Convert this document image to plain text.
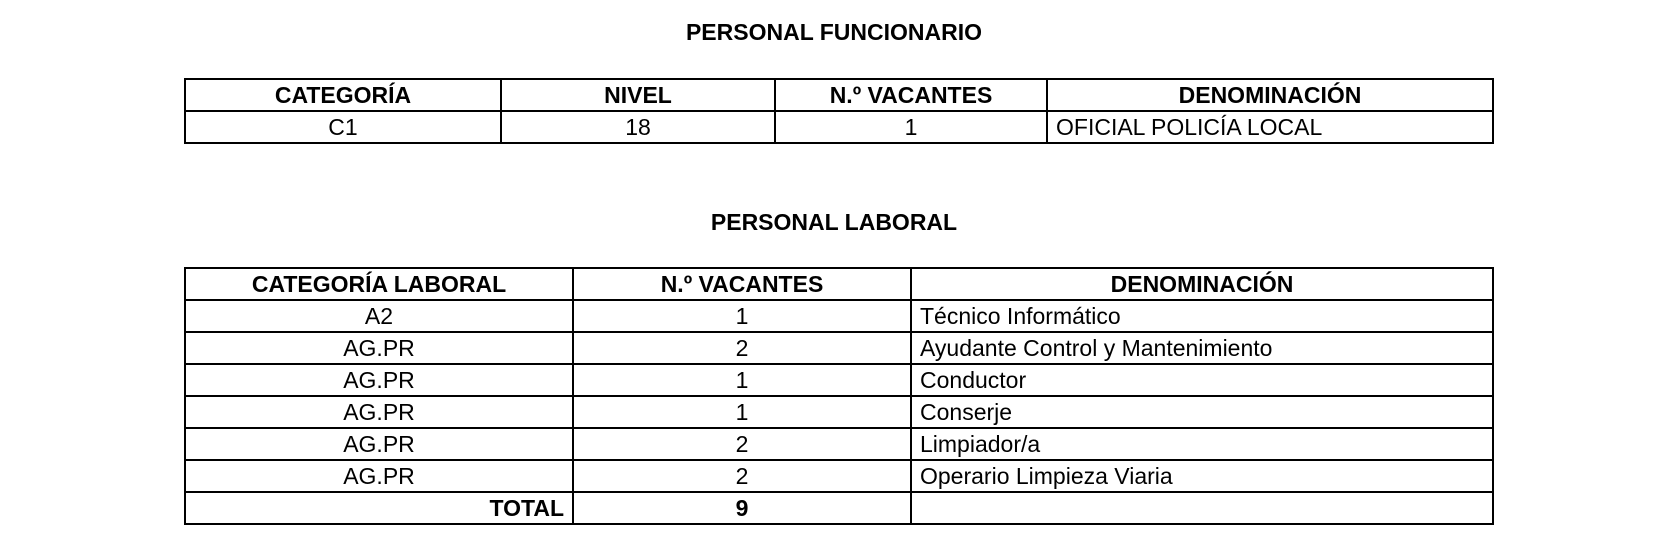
PERSONAL FUNCIONARIO
CATEGORÍA	NIVEL	N.º VACANTES	DENOMINACIÓN
C1	18	1	OFICIAL POLICÍA LOCAL
PERSONAL LABORAL
CATEGORÍA LABORAL	N.º VACANTES	DENOMINACIÓN
A2	1	Técnico Informático
AG.PR	2	Ayudante Control y Mantenimiento
AG.PR	1	Conductor
AG.PR	1	Conserje
AG.PR	2	Limpiador/a
AG.PR	2	Operario Limpieza Viaria
TOTAL	9	
